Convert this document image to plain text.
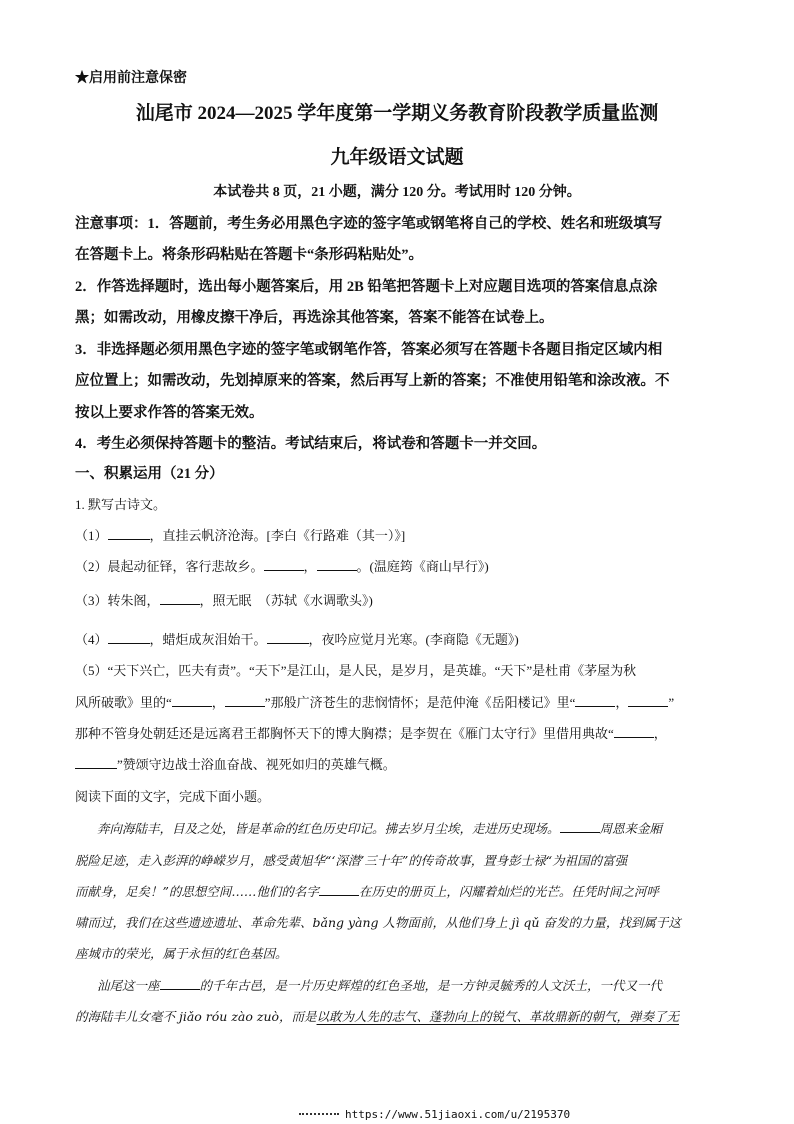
★启用前注意保密
汕尾市 2024—2025 学年度第一学期义务教育阶段教学质量监测
九年级语文试题
本试卷共 8 页，21 小题，满分 120 分。考试用时 120 分钟。
注意事项：1．答题前，考生务必用黑色字迹的签字笔或钢笔将自己的学校、姓名和班级填写
在答题卡上。将条形码粘贴在答题卡“条形码粘贴处”。
2．作答选择题时，选出每小题答案后，用 2B 铅笔把答题卡上对应题目选项的答案信息点涂
黑；如需改动，用橡皮擦干净后，再选涂其他答案，答案不能答在试卷上。
3．非选择题必须用黑色字迹的签字笔或钢笔作答，答案必须写在答题卡各题目指定区域内相
应位置上；如需改动，先划掉原来的答案，然后再写上新的答案；不准使用铅笔和涂改液。不
按以上要求作答的答案无效。
4．考生必须保持答题卡的整洁。考试结束后，将试卷和答题卡一并交回。
一、积累运用（21 分）
1. 默写古诗文。
（1）	，直挂云帆济沧海。[李白《行路难（其一）》]
（2）晨起动征铎，客行悲故乡。	，	。(温庭筠《商山早行》)
（3）转朱阁，	，照无眠　（苏轼《水调歌头》)
（4）	，蜡炬成灰泪始干。	，夜吟应觉月光寒。(李商隐《无题》)
（5）“天下兴亡，匹夫有责”。“天下”是江山，是人民，是岁月，是英雄。“天下”是杜甫《茅屋为秋
风所破歌》里的“	，	”那般广济苍生的悲悯情怀；是范仲淹《岳阳楼记》里“	，	”
那种不管身处朝廷还是远离君王都胸怀天下的博大胸襟；是李贺在《雁门太守行》里借用典故“	，
”赞颂守边战士浴血奋战、视死如归的英雄气概。
阅读下面的文字，完成下面小题。
奔向海陆丰，目及之处，皆是革命的红色历史印记。拂去岁月尘埃，走进历史现场。	周恩来金厢
脱险足迹，走入彭湃的峥嵘岁月，感受黄旭华“‘深潜’三十年”的传奇故事，置身彭士禄“为祖国的富强
而献身，足矣！”的思想空间……他们的名字	在历史的册页上，闪耀着灿烂的光芒。任凭时间之河呼
啸而过，我们在这些遗迹遗址、革命先辈、bǎng yàng 人物面前，从他们身上 jì qǔ 奋发的力量，找到属于这
座城市的荣光，属于永恒的红色基因。
汕尾这一座	的千年古邑，是一片历史辉煌的红色圣地，是一方钟灵毓秀的人文沃土，一代又一代
的海陆丰儿女毫不 jiǎo róu zào zuò，而是以敢为人先的志气、蓬勃向上的锐气、革故鼎新的朝气，弹奏了无
https://www.51jiaoxi.com/u/2195370
